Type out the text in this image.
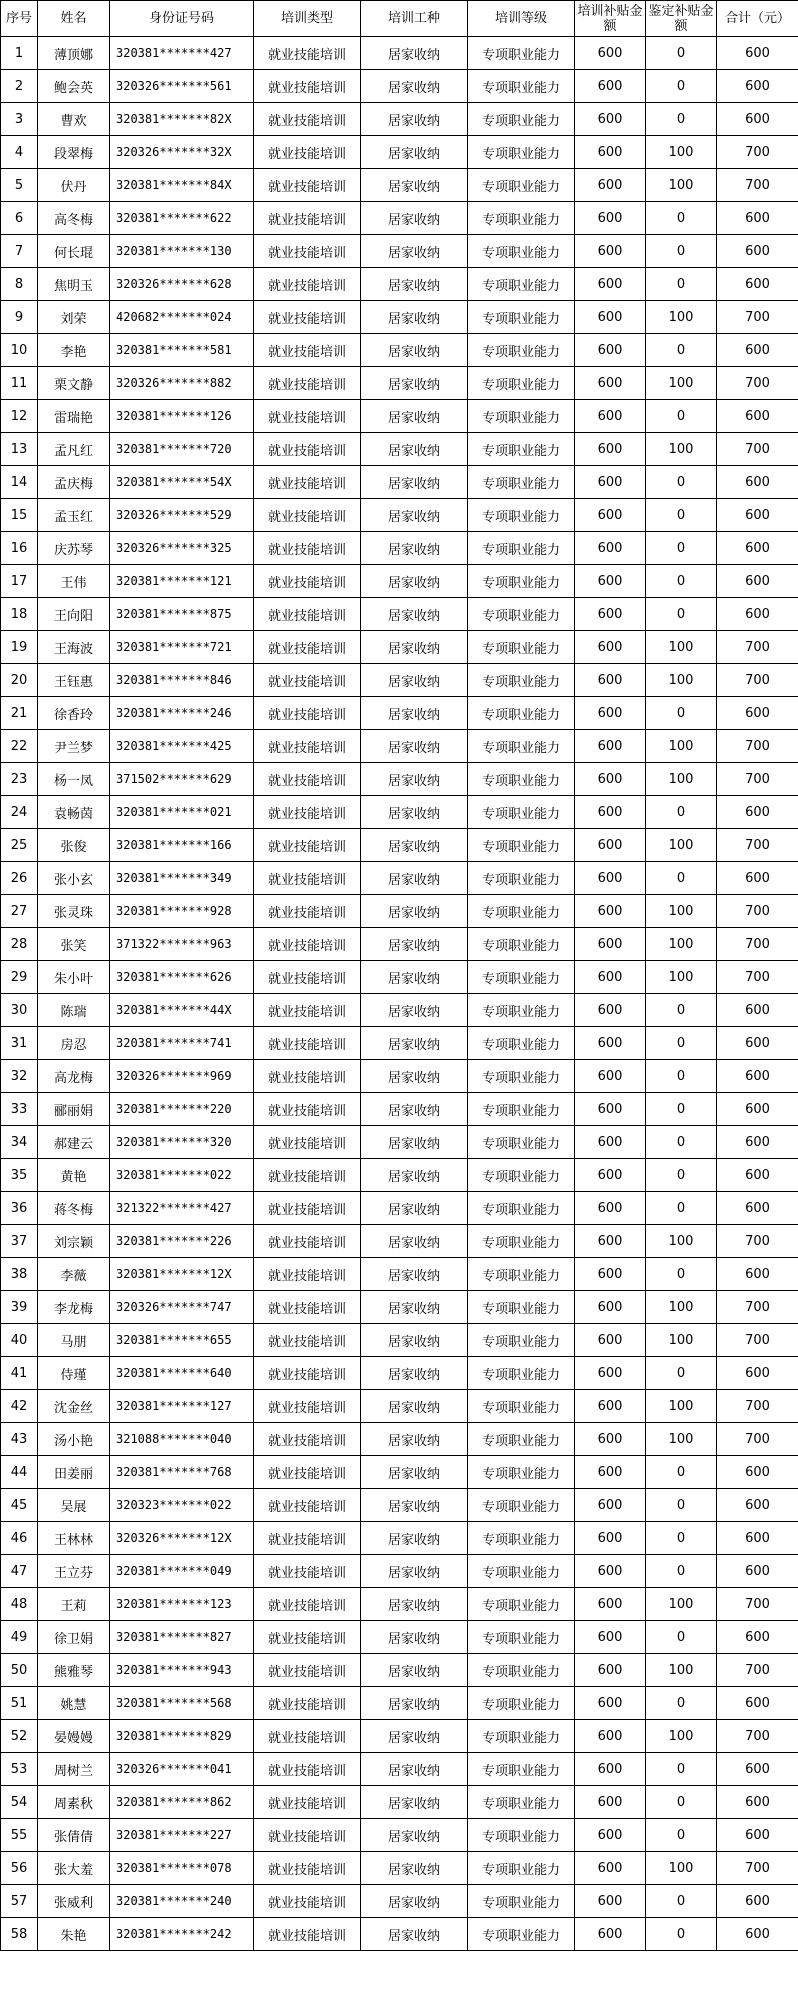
序号	姓名	身份证号码	培训类型	培训工种	培训等级	培训补贴金额	鉴定补贴金额	合计（元）

1	薄顶娜	320381*******427	就业技能培训	居家收纳	专项职业能力	600	0	600
2	鲍会英	320326*******561	就业技能培训	居家收纳	专项职业能力	600	0	600
3	曹欢	320381*******82X	就业技能培训	居家收纳	专项职业能力	600	0	600
4	段翠梅	320326*******32X	就业技能培训	居家收纳	专项职业能力	600	100	700
5	伏丹	320381*******84X	就业技能培训	居家收纳	专项职业能力	600	100	700
6	高冬梅	320381*******622	就业技能培训	居家收纳	专项职业能力	600	0	600
7	何长琨	320381*******130	就业技能培训	居家收纳	专项职业能力	600	0	600
8	焦明玉	320326*******628	就业技能培训	居家收纳	专项职业能力	600	0	600
9	刘荣	420682*******024	就业技能培训	居家收纳	专项职业能力	600	100	700
10	李艳	320381*******581	就业技能培训	居家收纳	专项职业能力	600	0	600
11	栗文静	320326*******882	就业技能培训	居家收纳	专项职业能力	600	100	700
12	雷瑞艳	320381*******126	就业技能培训	居家收纳	专项职业能力	600	0	600
13	孟凡红	320381*******720	就业技能培训	居家收纳	专项职业能力	600	100	700
14	孟庆梅	320381*******54X	就业技能培训	居家收纳	专项职业能力	600	0	600
15	孟玉红	320326*******529	就业技能培训	居家收纳	专项职业能力	600	0	600
16	庆苏琴	320326*******325	就业技能培训	居家收纳	专项职业能力	600	0	600
17	王伟	320381*******121	就业技能培训	居家收纳	专项职业能力	600	0	600
18	王向阳	320381*******875	就业技能培训	居家收纳	专项职业能力	600	0	600
19	王海波	320381*******721	就业技能培训	居家收纳	专项职业能力	600	100	700
20	王钰惠	320381*******846	就业技能培训	居家收纳	专项职业能力	600	100	700
21	徐香玲	320381*******246	就业技能培训	居家收纳	专项职业能力	600	0	600
22	尹兰梦	320381*******425	就业技能培训	居家收纳	专项职业能力	600	100	700
23	杨一凤	371502*******629	就业技能培训	居家收纳	专项职业能力	600	100	700
24	袁畅茵	320381*******021	就业技能培训	居家收纳	专项职业能力	600	0	600
25	张俊	320381*******166	就业技能培训	居家收纳	专项职业能力	600	100	700
26	张小玄	320381*******349	就业技能培训	居家收纳	专项职业能力	600	0	600
27	张灵珠	320381*******928	就业技能培训	居家收纳	专项职业能力	600	100	700
28	张笑	371322*******963	就业技能培训	居家收纳	专项职业能力	600	100	700
29	朱小叶	320381*******626	就业技能培训	居家收纳	专项职业能力	600	100	700
30	陈瑞	320381*******44X	就业技能培训	居家收纳	专项职业能力	600	0	600
31	房忍	320381*******741	就业技能培训	居家收纳	专项职业能力	600	0	600
32	高龙梅	320326*******969	就业技能培训	居家收纳	专项职业能力	600	0	600
33	郦丽娟	320381*******220	就业技能培训	居家收纳	专项职业能力	600	0	600
34	郝建云	320381*******320	就业技能培训	居家收纳	专项职业能力	600	0	600
35	黄艳	320381*******022	就业技能培训	居家收纳	专项职业能力	600	0	600
36	蒋冬梅	321322*******427	就业技能培训	居家收纳	专项职业能力	600	0	600
37	刘宗颖	320381*******226	就业技能培训	居家收纳	专项职业能力	600	100	700
38	李薇	320381*******12X	就业技能培训	居家收纳	专项职业能力	600	0	600
39	李龙梅	320326*******747	就业技能培训	居家收纳	专项职业能力	600	100	700
40	马朋	320381*******655	就业技能培训	居家收纳	专项职业能力	600	100	700
41	侍瑾	320381*******640	就业技能培训	居家收纳	专项职业能力	600	0	600
42	沈金丝	320381*******127	就业技能培训	居家收纳	专项职业能力	600	100	700
43	汤小艳	321088*******040	就业技能培训	居家收纳	专项职业能力	600	100	700
44	田姜丽	320381*******768	就业技能培训	居家收纳	专项职业能力	600	0	600
45	吴展	320323*******022	就业技能培训	居家收纳	专项职业能力	600	0	600
46	王林林	320326*******12X	就业技能培训	居家收纳	专项职业能力	600	0	600
47	王立芬	320381*******049	就业技能培训	居家收纳	专项职业能力	600	0	600
48	王莉	320381*******123	就业技能培训	居家收纳	专项职业能力	600	100	700
49	徐卫娟	320381*******827	就业技能培训	居家收纳	专项职业能力	600	0	600
50	熊雅琴	320381*******943	就业技能培训	居家收纳	专项职业能力	600	100	700
51	姚慧	320381*******568	就业技能培训	居家收纳	专项职业能力	600	0	600
52	晏嫚嫚	320381*******829	就业技能培训	居家收纳	专项职业能力	600	100	700
53	周树兰	320326*******041	就业技能培训	居家收纳	专项职业能力	600	0	600
54	周素秋	320381*******862	就业技能培训	居家收纳	专项职业能力	600	0	600
55	张倩倩	320381*******227	就业技能培训	居家收纳	专项职业能力	600	0	600
56	张大羞	320381*******078	就业技能培训	居家收纳	专项职业能力	600	100	700
57	张威利	320381*******240	就业技能培训	居家收纳	专项职业能力	600	0	600
58	朱艳	320381*******242	就业技能培训	居家收纳	专项职业能力	600	0	600
